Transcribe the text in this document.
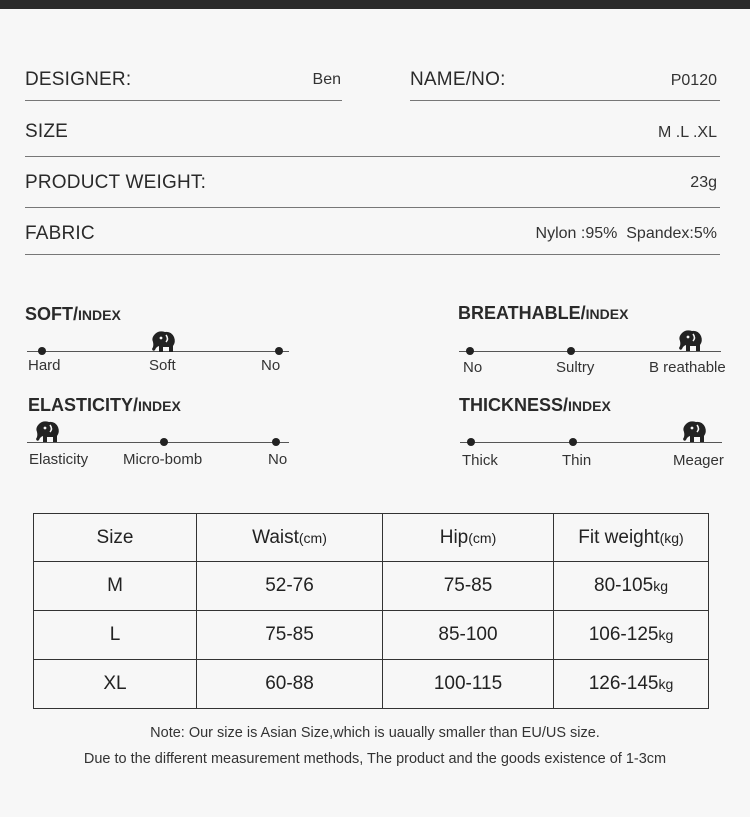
DESIGNER:	Ben	NAME/NO:	P0120
SIZE	M .L .XL
PRODUCT WEIGHT:	23g
FABRIC	Nylon :95%  Spandex:5%
SOFT/INDEX
Hard	Soft	No
BREATHABLE/INDEX
No	Sultry	B reathable
ELASTICITY/INDEX
Elasticity Micro-bomb	No
THICKNESS/INDEX
Thick	Thin	Meager
Size	Waist(cm)	Hip(cm)	Fit weight(kg)
M	52-76	75-85	80-105kg
L	75-85	85-100	106-125kg
XL	60-88	100-115	126-145kg
Note: Our size is Asian Size,which is uaually smaller than EU/US size.
Due to the different measurement methods, The product and the goods existence of 1-3cm
